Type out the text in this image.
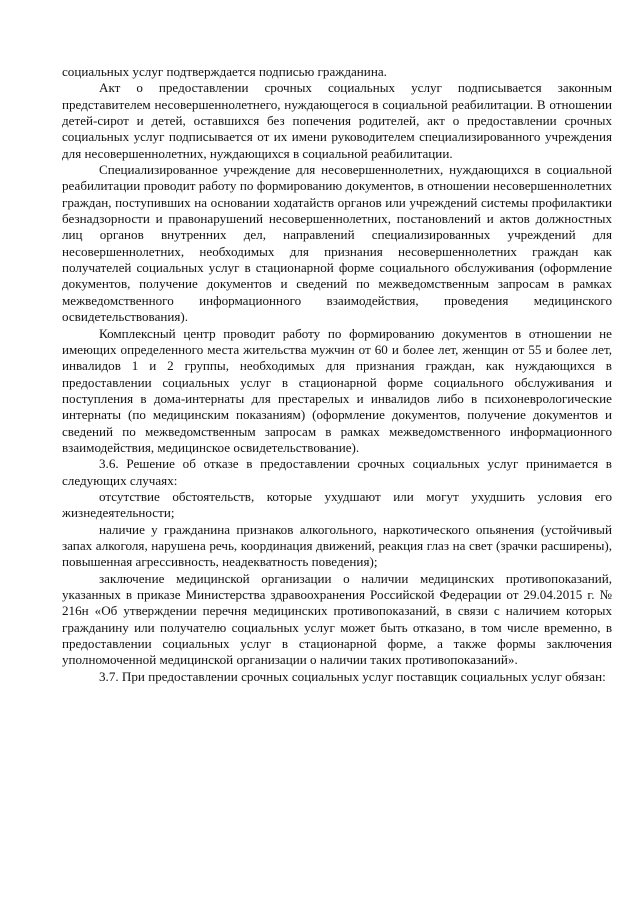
социальных услуг подтверждается подписью гражданина.

Акт о предоставлении срочных социальных услуг подписывается законным представителем несовершеннолетнего, нуждающегося в социальной реабилитации. В отношении детей-сирот и детей, оставшихся без попечения родителей, акт о предоставлении срочных социальных услуг подписывается от их имени руководителем специализированного учреждения для несовершеннолетних, нуждающихся в социальной реабилитации.

Специализированное учреждение для несовершеннолетних, нуждающихся в социальной реабилитации проводит работу по формированию документов, в отношении несовершеннолетних граждан, поступивших на основании ходатайств органов или учреждений системы профилактики безнадзорности и правонарушений несовершеннолетних, постановлений и актов должностных лиц органов внутренних дел, направлений специализированных учреждений для несовершеннолетних, необходимых для признания несовершеннолетних граждан как получателей социальных услуг в стационарной форме социального обслуживания (оформление документов, получение документов и сведений по межведомственным запросам в рамках межведомственного информационного взаимодействия, проведения медицинского освидетельствования).

Комплексный центр проводит работу по формированию документов в отношении не имеющих определенного места жительства мужчин от 60 и более лет, женщин от 55 и более лет, инвалидов 1 и 2 группы, необходимых для признания граждан, как нуждающихся в предоставлении социальных услуг в стационарной форме социального обслуживания и поступления в дома-интернаты для престарелых и инвалидов либо в психоневрологические интернаты (по медицинским показаниям) (оформление документов, получение документов и сведений по межведомственным запросам в рамках межведомственного информационного взаимодействия, медицинское освидетельствование).

3.6. Решение об отказе в предоставлении срочных социальных услуг принимается в следующих случаях:

отсутствие обстоятельств, которые ухудшают или могут ухудшить условия его жизнедеятельности;

наличие у гражданина признаков алкогольного, наркотического опьянения (устойчивый запах алкоголя, нарушена речь, координация движений, реакция глаз на свет (зрачки расширены), повышенная агрессивность, неадекватность поведения);

заключение медицинской организации о наличии медицинских противопоказаний, указанных в приказе Министерства здравоохранения Российской Федерации от 29.04.2015 г. № 216н «Об утверждении перечня медицинских противопоказаний, в связи с наличием которых гражданину или получателю социальных услуг может быть отказано, в том числе временно, в предоставлении социальных услуг в стационарной форме, а также формы заключения уполномоченной медицинской организации о наличии таких противопоказаний».

3.7. При предоставлении срочных социальных услуг поставщик социальных услуг обязан:
